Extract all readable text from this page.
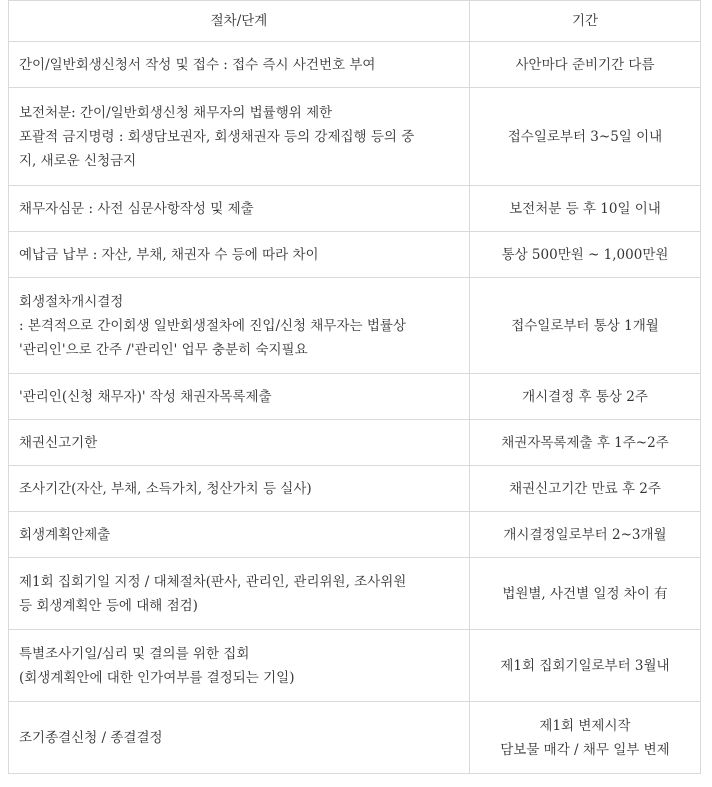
절차/단계	기간

간이/일반회생신청서 작성 및 접수 : 접수 즉시 사건번호 부여	사안마다 준비기간 다름

보전처분: 간이/일반회생신청 채무자의 법률행위 제한
포괄적 금지명령 : 회생담보권자, 회생채권자 등의 강제집행 등의 중
지, 새로운 신청금지	접수일로부터 3~5일 이내

채무자심문 : 사전 심문사항작성 및 제출	보전처분 등 후 10일 이내

예납금 납부 : 자산, 부채, 채권자 수 등에 따라 차이	통상 500만원 ~ 1,000만원

회생절차개시결정
: 본격적으로 간이회생 일반회생절차에 진입/신청 채무자는 법률상
'관리인'으로 간주 /'관리인' 업무 충분히 숙지필요	접수일로부터 통상 1개월

'관리인(신청 채무자)' 작성 채권자목록제출	개시결정 후 통상 2주

채권신고기한	채권자목록제출 후 1주~2주

조사기간(자산, 부채, 소득가치, 청산가치 등 실사)	채권신고기간 만료 후 2주

회생계획안제출	개시결정일로부터 2~3개월

제1회 집회기일 지정 / 대체절차(판사, 관리인, 관리위원, 조사위원
등 회생계획안 등에 대해 점검)	법원별, 사건별 일정 차이 有

특별조사기일/심리 및 결의를 위한 집회
(회생계획안에 대한 인가여부를 결정되는 기일)	제1회 집회기일로부터 3월내

조기종결신청 / 종결결정	제1회 변제시작
담보물 매각 / 채무 일부 변제
